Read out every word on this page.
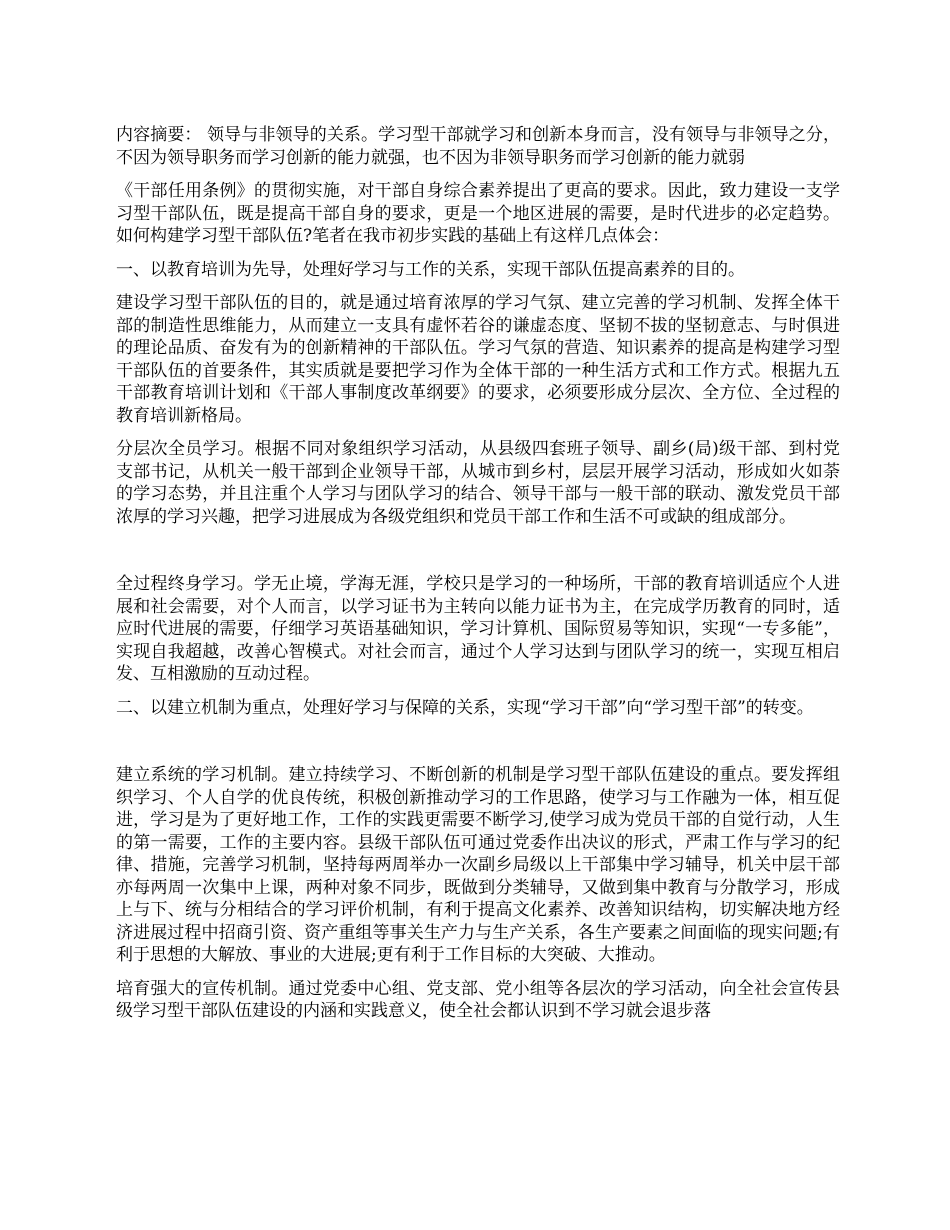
内容摘要： 领导与非领导的关系。学习型干部就学习和创新本身而言，没有领导与非领导之分，不因为领导职务而学习创新的能力就强，也不因为非领导职务而学习创新的能力就弱

《干部任用条例》的贯彻实施，对干部自身综合素养提出了更高的要求。因此，致力建设一支学习型干部队伍，既是提高干部自身的要求，更是一个地区进展的需要，是时代进步的必定趋势。如何构建学习型干部队伍?笔者在我市初步实践的基础上有这样几点体会：

一、以教育培训为先导，处理好学习与工作的关系，实现干部队伍提高素养的目的。

建设学习型干部队伍的目的，就是通过培育浓厚的学习气氛、建立完善的学习机制、发挥全体干部的制造性思维能力，从而建立一支具有虚怀若谷的谦虚态度、坚韧不拔的坚韧意志、与时俱进的理论品质、奋发有为的创新精神的干部队伍。学习气氛的营造、知识素养的提高是构建学习型干部队伍的首要条件，其实质就是要把学习作为全体干部的一种生活方式和工作方式。根据九五干部教育培训计划和《干部人事制度改革纲要》的要求，必须要形成分层次、全方位、全过程的教育培训新格局。

分层次全员学习。根据不同对象组织学习活动，从县级四套班子领导、副乡(局)级干部、到村党支部书记，从机关一般干部到企业领导干部，从城市到乡村，层层开展学习活动，形成如火如荼的学习态势，并且注重个人学习与团队学习的结合、领导干部与一般干部的联动、激发党员干部浓厚的学习兴趣，把学习进展成为各级党组织和党员干部工作和生活不可或缺的组成部分。

全过程终身学习。学无止境，学海无涯，学校只是学习的一种场所，干部的教育培训适应个人进展和社会需要，对个人而言，以学习证书为主转向以能力证书为主，在完成学历教育的同时，适应时代进展的需要，仔细学习英语基础知识，学习计算机、国际贸易等知识，实现“一专多能”，实现自我超越，改善心智模式。对社会而言，通过个人学习达到与团队学习的统一，实现互相启发、互相激励的互动过程。

二、以建立机制为重点，处理好学习与保障的关系，实现“学习干部”向“学习型干部”的转变。

建立系统的学习机制。建立持续学习、不断创新的机制是学习型干部队伍建设的重点。要发挥组织学习、个人自学的优良传统，积极创新推动学习的工作思路，使学习与工作融为一体，相互促进，学习是为了更好地工作，工作的实践更需要不断学习,使学习成为党员干部的自觉行动，人生的第一需要，工作的主要内容。县级干部队伍可通过党委作出决议的形式，严肃工作与学习的纪律、措施，完善学习机制，坚持每两周举办一次副乡局级以上干部集中学习辅导，机关中层干部亦每两周一次集中上课，两种对象不同步，既做到分类辅导，又做到集中教育与分散学习，形成上与下、统与分相结合的学习评价机制，有利于提高文化素养、改善知识结构，切实解决地方经济进展过程中招商引资、资产重组等事关生产力与生产关系，各生产要素之间面临的现实问题;有利于思想的大解放、事业的大进展;更有利于工作目标的大突破、大推动。

培育强大的宣传机制。通过党委中心组、党支部、党小组等各层次的学习活动，向全社会宣传县级学习型干部队伍建设的内涵和实践意义，使全社会都认识到不学习就会退步落
